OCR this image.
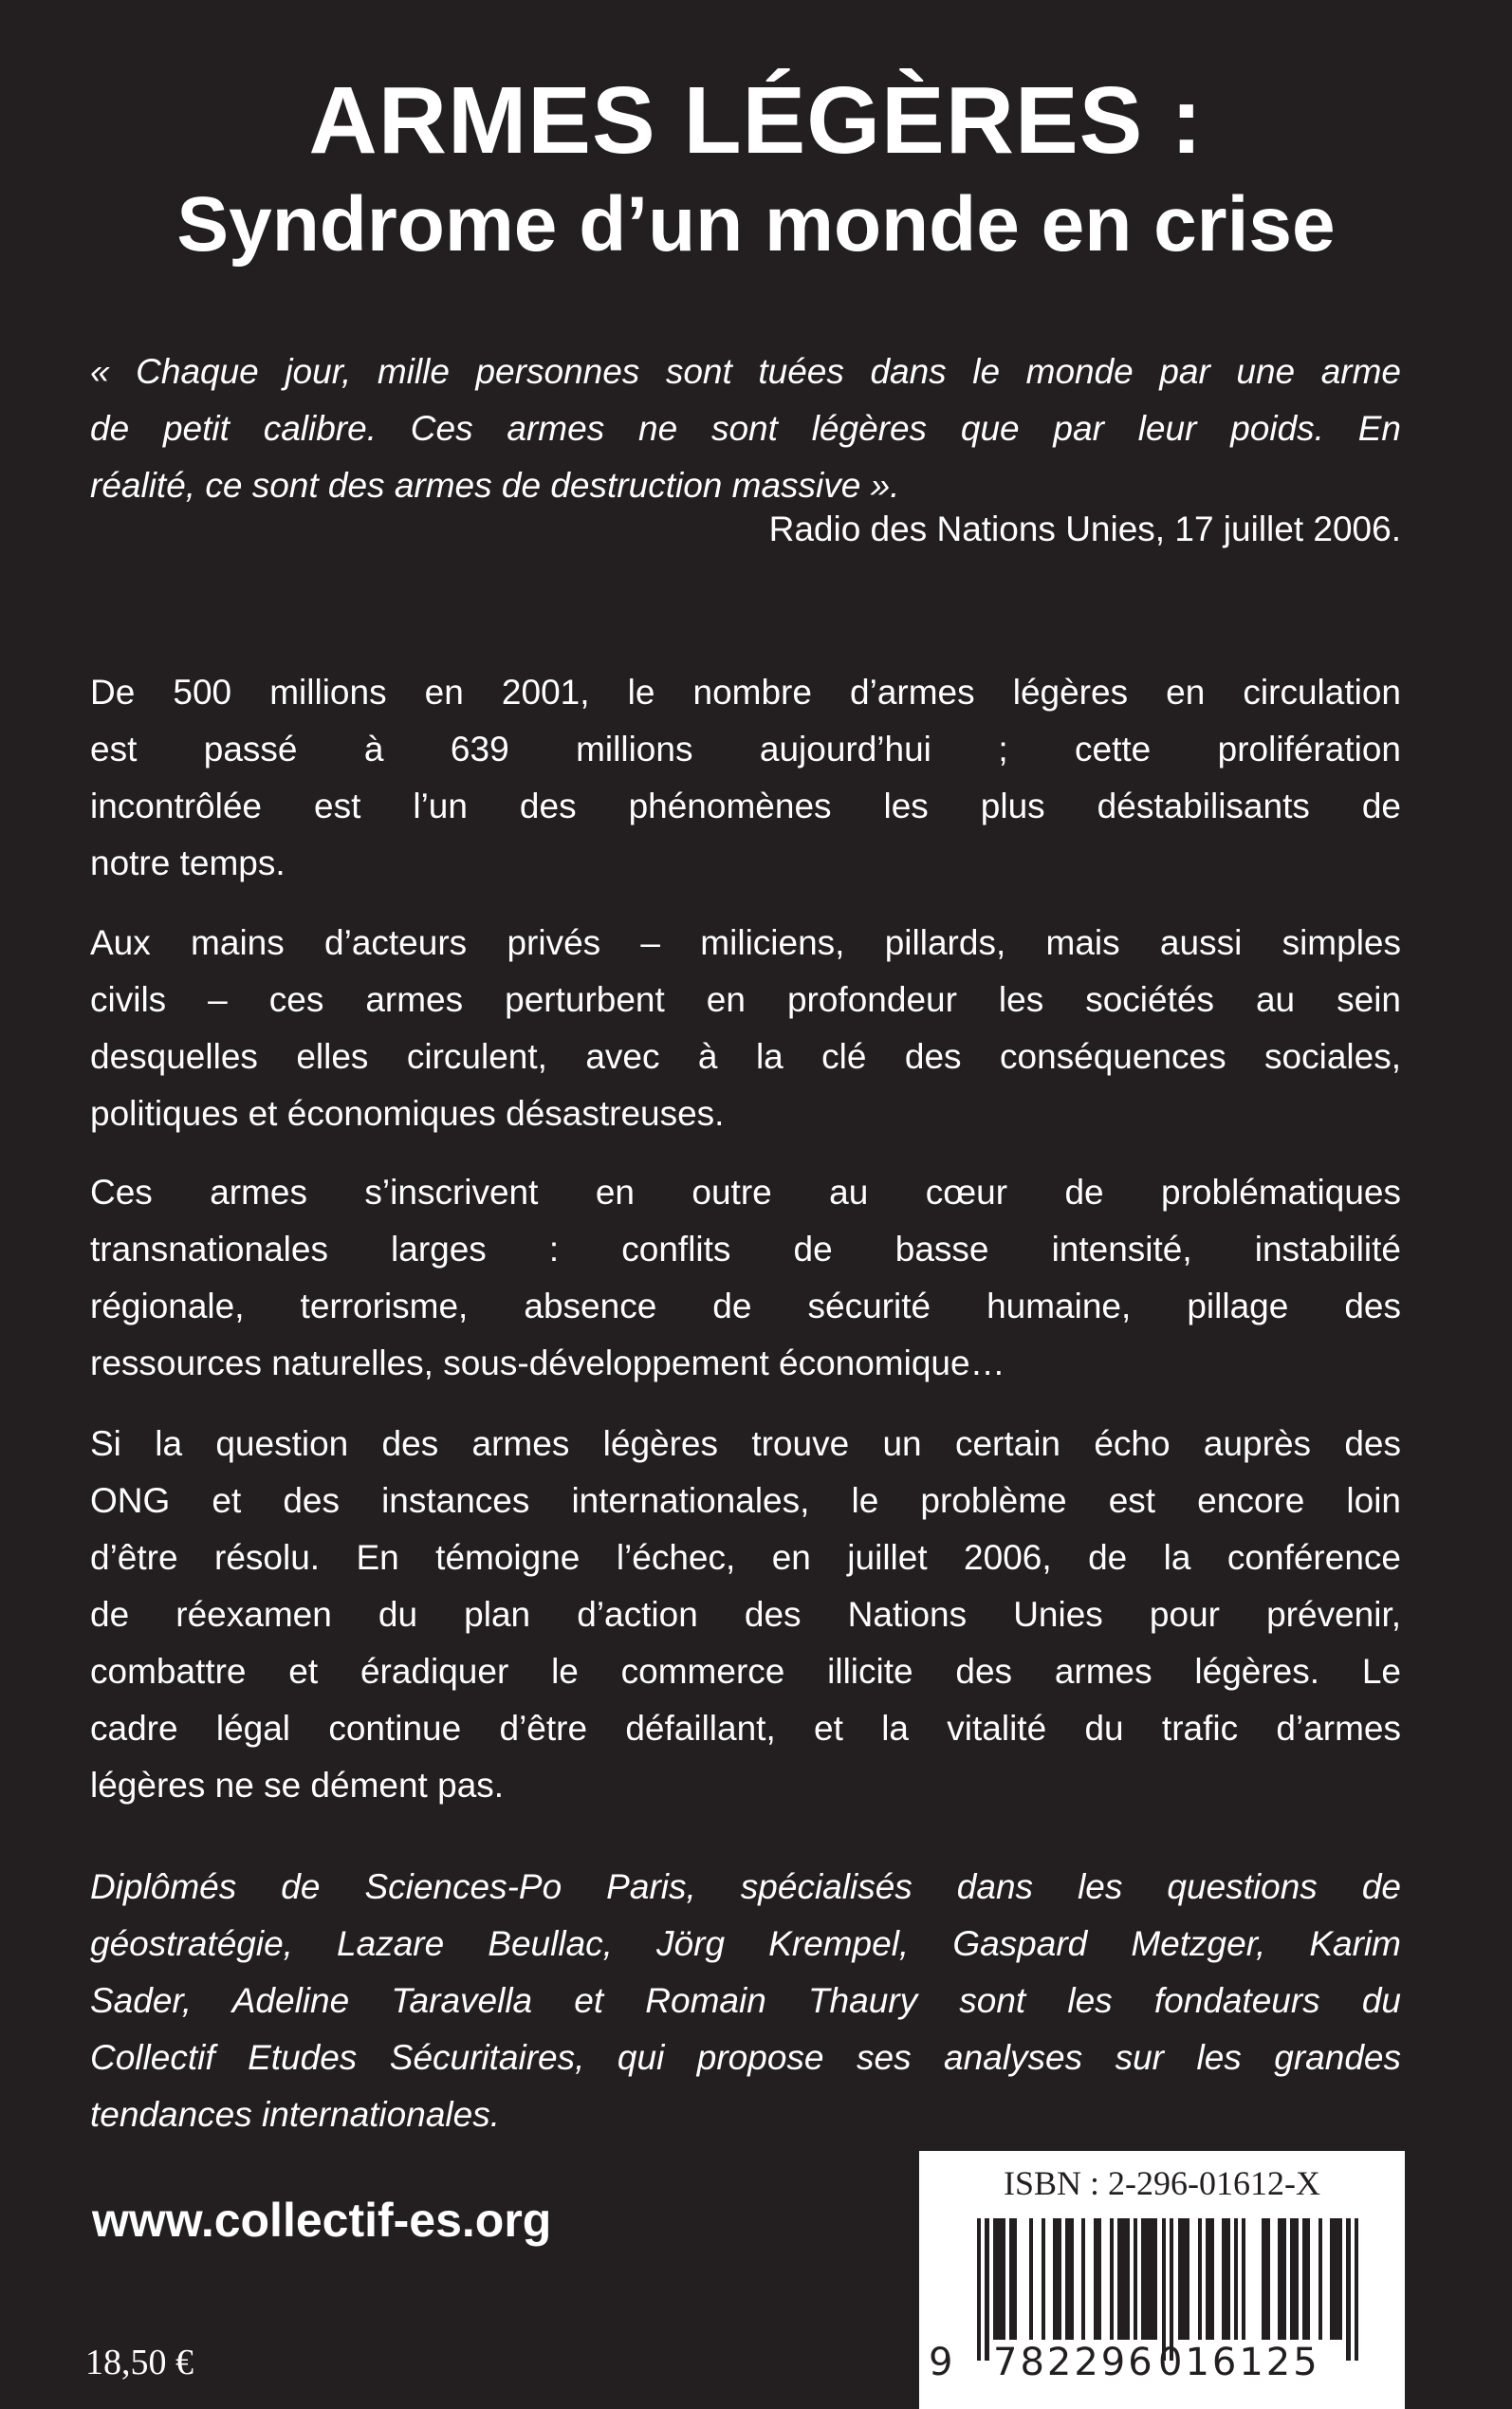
ARMES LÉGÈRES :
Syndrome d’un monde en crise
« Chaque jour, mille personnes sont tuées dans le monde par une arme
de petit calibre. Ces armes ne sont légères que par leur poids. En
réalité, ce sont des armes de destruction massive ».
Radio des Nations Unies, 17 juillet 2006.
De 500 millions en 2001, le nombre d’armes légères en circulation
est passé à 639 millions aujourd’hui ; cette prolifération
incontrôlée est l’un des phénomènes les plus déstabilisants de
notre temps.
Aux mains d’acteurs privés – miliciens, pillards, mais aussi simples
civils – ces armes perturbent en profondeur les sociétés au sein
desquelles elles circulent, avec à la clé des conséquences sociales,
politiques et économiques désastreuses.
Ces armes s’inscrivent en outre au cœur de problématiques
transnationales larges : conflits de basse intensité, instabilité
régionale, terrorisme, absence de sécurité humaine, pillage des
ressources naturelles, sous-développement économique…
Si la question des armes légères trouve un certain écho auprès des
ONG et des instances internationales, le problème est encore loin
d’être résolu. En témoigne l’échec, en juillet 2006, de la conférence
de réexamen du plan d’action des Nations Unies pour prévenir,
combattre et éradiquer le commerce illicite des armes légères. Le
cadre légal continue d’être défaillant, et la vitalité du trafic d’armes
légères ne se dément pas.
Diplômés de Sciences-Po Paris, spécialisés dans les questions de
géostratégie, Lazare Beullac, Jörg Krempel, Gaspard Metzger, Karim
Sader, Adeline Taravella et Romain Thaury sont les fondateurs du
Collectif Etudes Sécuritaires, qui propose ses analyses sur les grandes
tendances internationales.
www.collectif-es.org
18,50 €
ISBN : 2-296-01612-X
9 782296 016125
